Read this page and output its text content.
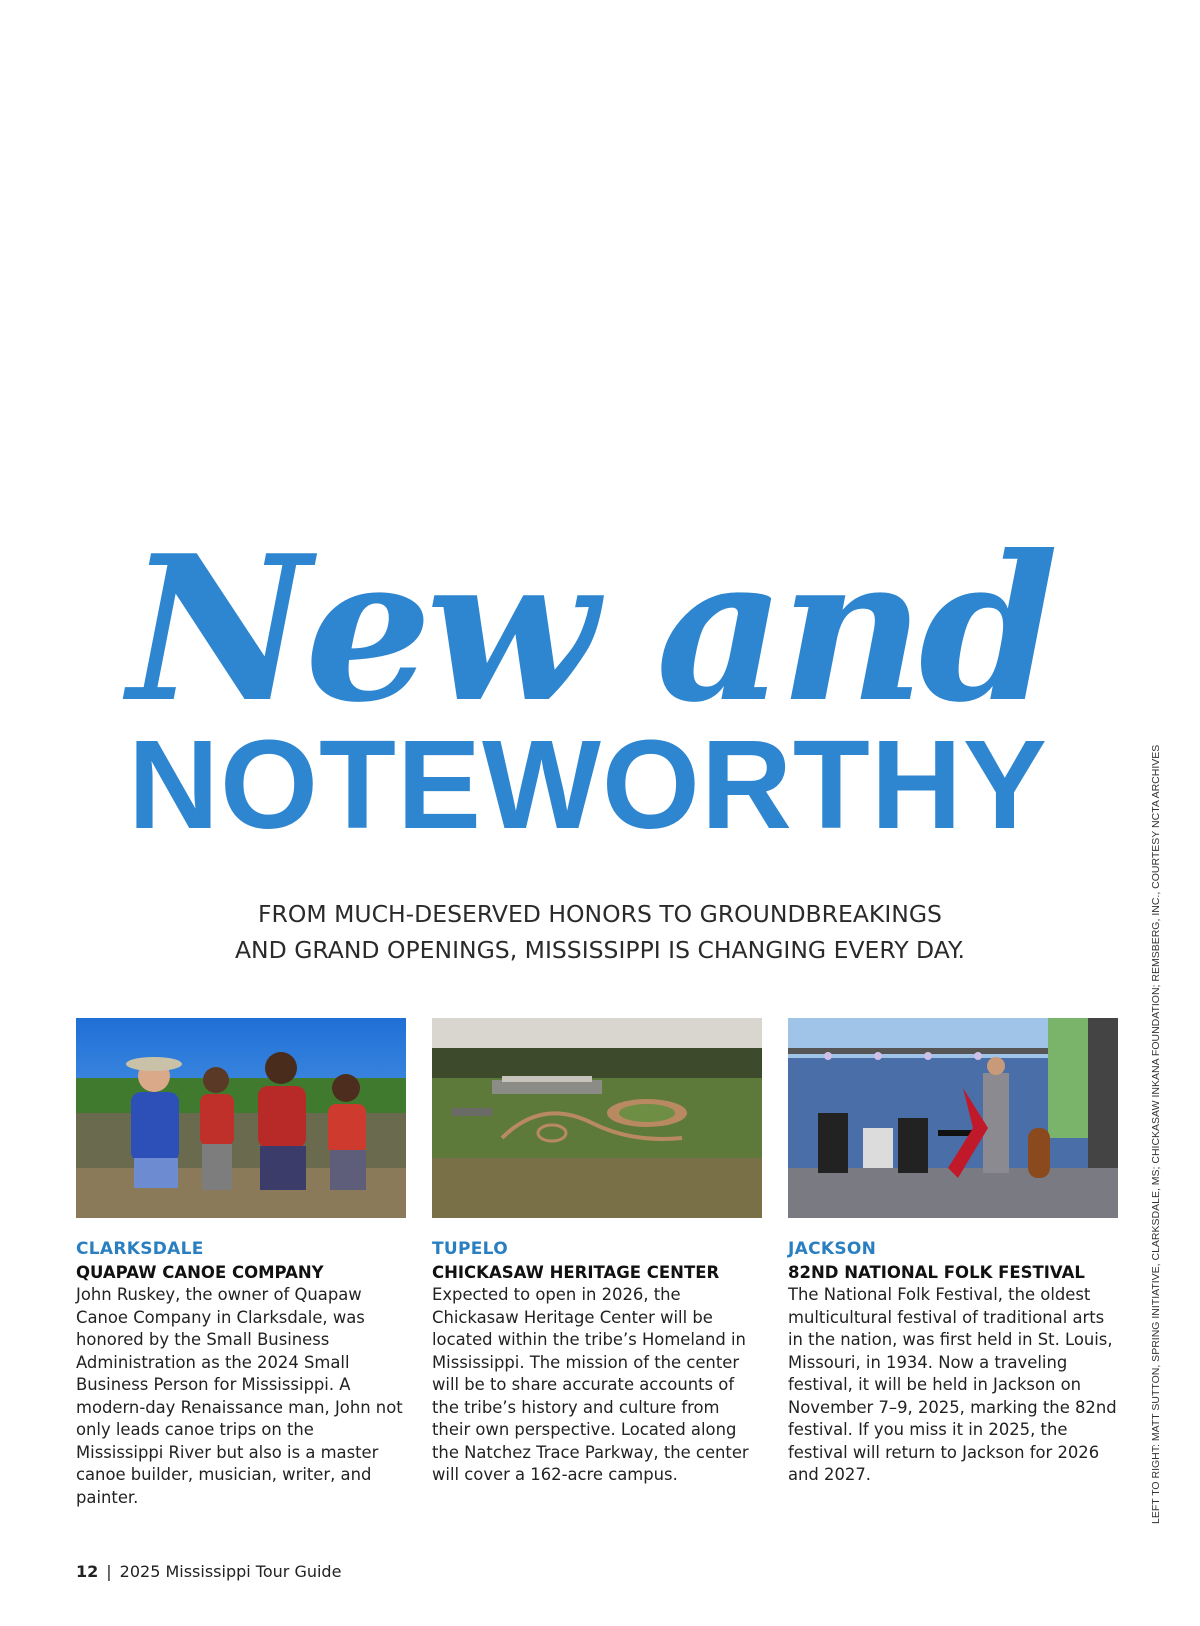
New and
NOTEWORTHY
FROM MUCH-DESERVED HONORS TO GROUNDBREAKINGS
AND GRAND OPENINGS, MISSISSIPPI IS CHANGING EVERY DAY.
CLARKSDALE
QUAPAW CANOE COMPANY
John Ruskey, the owner of Quapaw Canoe Company in Clarksdale, was honored by the Small Business Administration as the 2024 Small Business Person for Mississippi. A modern-day Renaissance man, John not only leads canoe trips on the Mississippi River but also is a master canoe builder, musician, writer, and painter.
TUPELO
CHICKASAW HERITAGE CENTER
Expected to open in 2026, the Chickasaw Heritage Center will be located within the tribe’s Homeland in Mississippi. The mission of the center will be to share accurate accounts of the tribe’s history and culture from their own perspective. Located along the Natchez Trace Parkway, the center will cover a 162-acre campus.
JACKSON
82ND NATIONAL FOLK FESTIVAL
The National Folk Festival, the oldest multicultural festival of traditional arts in the nation, was first held in St. Louis, Missouri, in 1934. Now a traveling festival, it will be held in Jackson on November 7–9, 2025, marking the 82nd festival. If you miss it in 2025, the festival will return to Jackson for 2026 and 2027.	LEFT TO RIGHT: MATT SUTTON, SPRING INITIATIVE, CLARKSDALE, MS; CHICKASAW INKANA FOUNDATION; REMSBERG, INC., COURTESY NCTA ARCHIVES
12 | 2025 Mississippi Tour Guide
